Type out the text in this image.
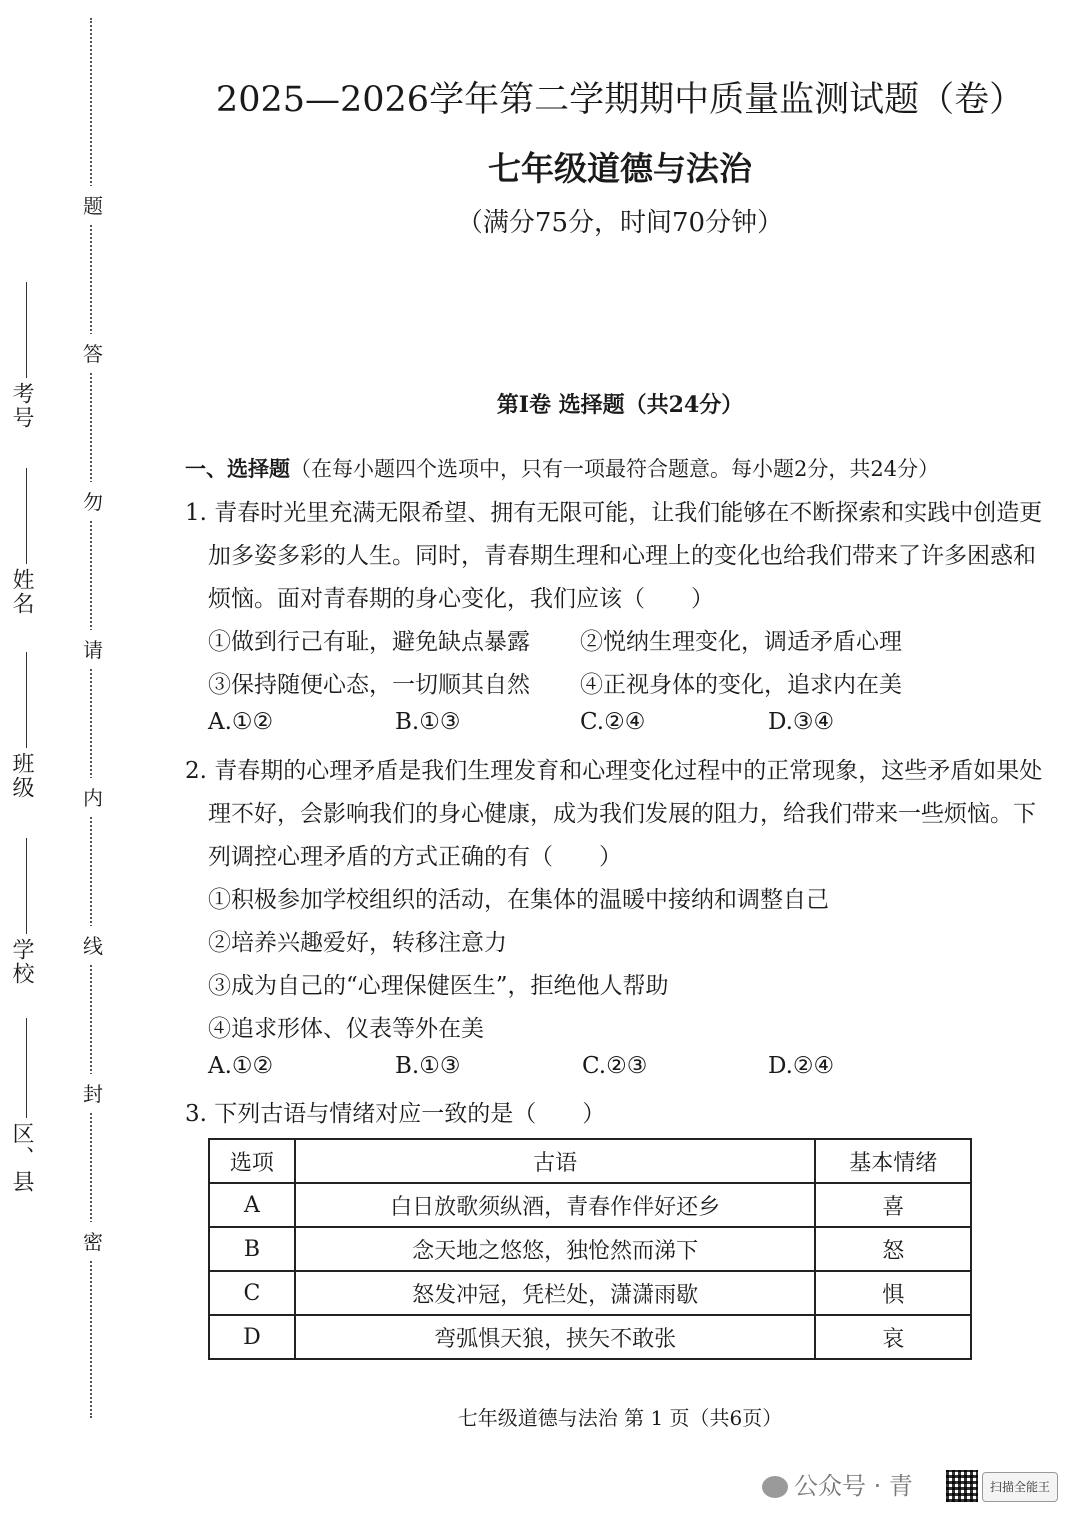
考号
姓名
班级
学校
区、县
题
答
勿
请
内
线
封
密
2025—2026学年第二学期期中质量监测试题（卷）
七年级道德与法治
（满分75分，时间70分钟）
第Ⅰ卷 选择题（共24分）
一、选择题（在每小题四个选项中，只有一项最符合题意。每小题2分，共24分）
1. 青春时光里充满无限希望、拥有无限可能，让我们能够在不断探索和实践中创造更
加多姿多彩的人生。同时，青春期生理和心理上的变化也给我们带来了许多困惑和
烦恼。面对青春期的身心变化，我们应该（　　）
①做到行己有耻，避免缺点暴露 ②悦纳生理变化，调适矛盾心理
③保持随便心态，一切顺其自然 ④正视身体的变化，追求内在美
A.①②	B.①③	C.②④	D.③④
2. 青春期的心理矛盾是我们生理发育和心理变化过程中的正常现象，这些矛盾如果处
理不好，会影响我们的身心健康，成为我们发展的阻力，给我们带来一些烦恼。下
列调控心理矛盾的方式正确的有（　　）
①积极参加学校组织的活动，在集体的温暖中接纳和调整自己
②培养兴趣爱好，转移注意力
③成为自己的“心理保健医生”，拒绝他人帮助
④追求形体、仪表等外在美
A.①②	B.①③	C.②③	D.②④
3. 下列古语与情绪对应一致的是（　　）
选项	古语	基本情绪
A	白日放歌须纵酒，青春作伴好还乡	喜
B	念天地之悠悠，独怆然而涕下	怒
C	怒发冲冠，凭栏处，潇潇雨歇	惧
D	弯弧惧天狼，挟矢不敢张	哀
七年级道德与法治 第 1 页（共6页）
公众号 · 青	扫描全能王
